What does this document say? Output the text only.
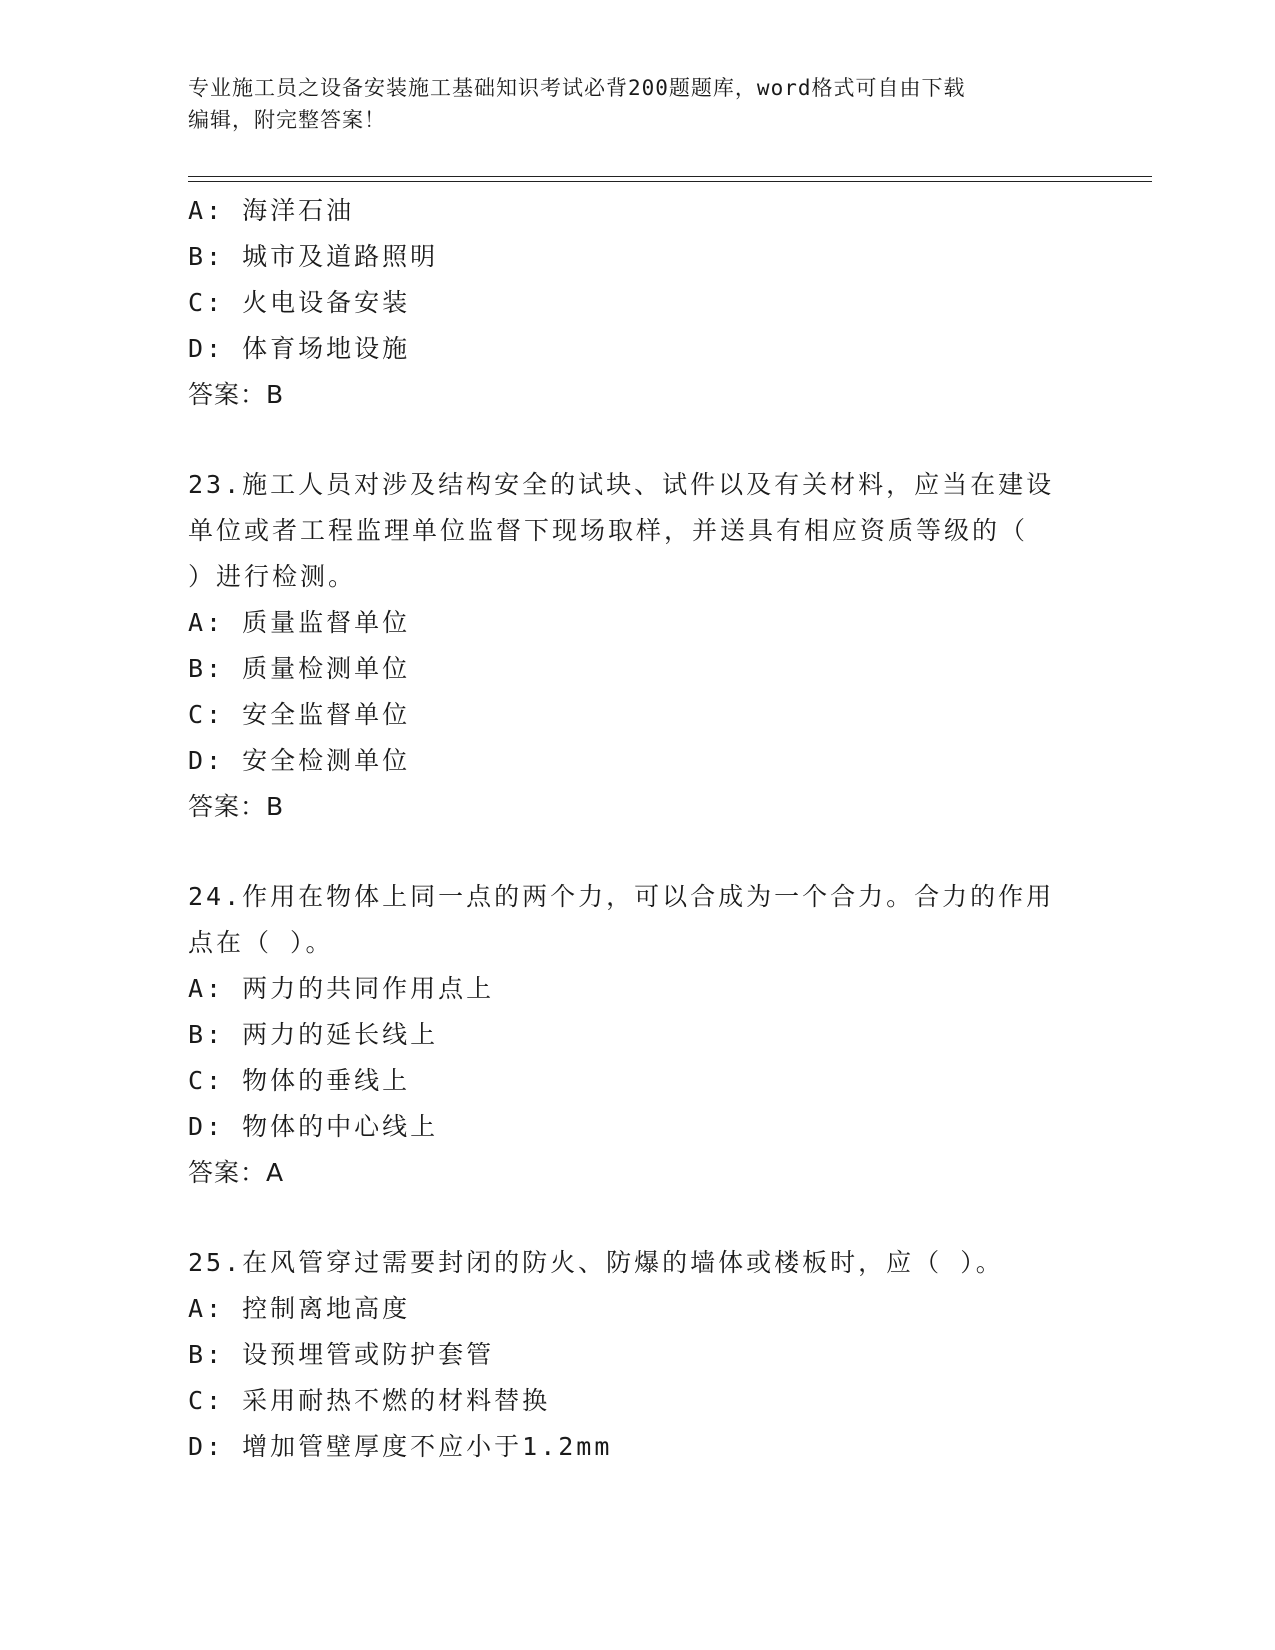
专业施工员之设备安装施工基础知识考试必背200题题库，word格式可自由下载
编辑，附完整答案！
A: 海洋石油
B: 城市及道路照明
C: 火电设备安装
D: 体育场地设施
答案：B
23.施工人员对涉及结构安全的试块、试件以及有关材料，应当在建设
单位或者工程监理单位监督下现场取样，并送具有相应资质等级的（
）进行检测。
A: 质量监督单位
B: 质量检测单位
C: 安全监督单位
D: 安全检测单位
答案：B
24.作用在物体上同一点的两个力，可以合成为一个合力。合力的作用
点在（ ）。
A: 两力的共同作用点上
B: 两力的延长线上
C: 物体的垂线上
D: 物体的中心线上
答案：A
25.在风管穿过需要封闭的防火、防爆的墙体或楼板时，应（ ）。
A: 控制离地高度
B: 设预埋管或防护套管
C: 采用耐热不燃的材料替换
D: 增加管壁厚度不应小于1.2mm
